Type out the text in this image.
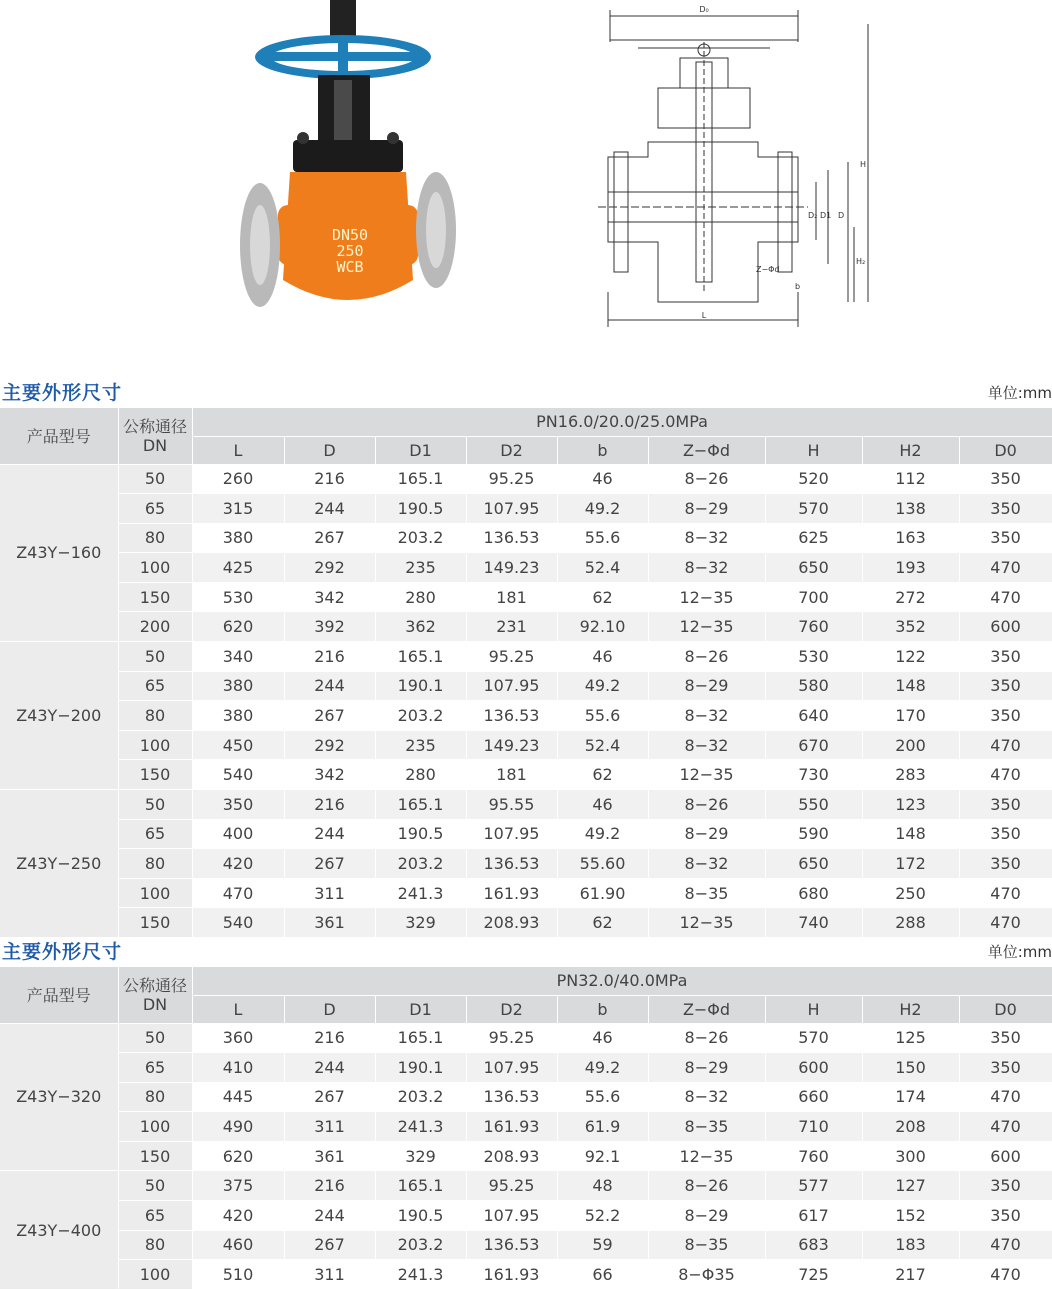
DN50
250
WCB
D₀
H
H₂
D₂ D1 D
Z−Φd
b
L
主要外形尺寸	单位:mm
产品型号	公称通径
DN	PN16.0/20.0/25.0MPa								
		L	D	D1	D2	b	Z−Φd	H	H2	D0
Z43Y−160	50	260	216	165.1	95.25	46	8−26	520	112	350
	65	315	244	190.5	107.95	49.2	8−29	570	138	350
	80	380	267	203.2	136.53	55.6	8−32	625	163	350
	100	425	292	235	149.23	52.4	8−32	650	193	470
	150	530	342	280	181	62	12−35	700	272	470
	200	620	392	362	231	92.10	12−35	760	352	600
Z43Y−200	50	340	216	165.1	95.25	46	8−26	530	122	350
	65	380	244	190.1	107.95	49.2	8−29	580	148	350
	80	380	267	203.2	136.53	55.6	8−32	640	170	350
	100	450	292	235	149.23	52.4	8−32	670	200	470
	150	540	342	280	181	62	12−35	730	283	470
Z43Y−250	50	350	216	165.1	95.55	46	8−26	550	123	350
	65	400	244	190.5	107.95	49.2	8−29	590	148	350
	80	420	267	203.2	136.53	55.60	8−32	650	172	350
	100	470	311	241.3	161.93	61.90	8−35	680	250	470
	150	540	361	329	208.93	62	12−35	740	288	470
主要外形尺寸	单位:mm
产品型号	公称通径
DN	PN32.0/40.0MPa								
		L	D	D1	D2	b	Z−Φd	H	H2	D0
Z43Y−320	50	360	216	165.1	95.25	46	8−26	570	125	350
	65	410	244	190.1	107.95	49.2	8−29	600	150	350
	80	445	267	203.2	136.53	55.6	8−32	660	174	470
	100	490	311	241.3	161.93	61.9	8−35	710	208	470
	150	620	361	329	208.93	92.1	12−35	760	300	600
Z43Y−400	50	375	216	165.1	95.25	48	8−26	577	127	350
	65	420	244	190.5	107.95	52.2	8−29	617	152	350
	80	460	267	203.2	136.53	59	8−35	683	183	470
	100	510	311	241.3	161.93	66	8−Φ35	725	217	470
